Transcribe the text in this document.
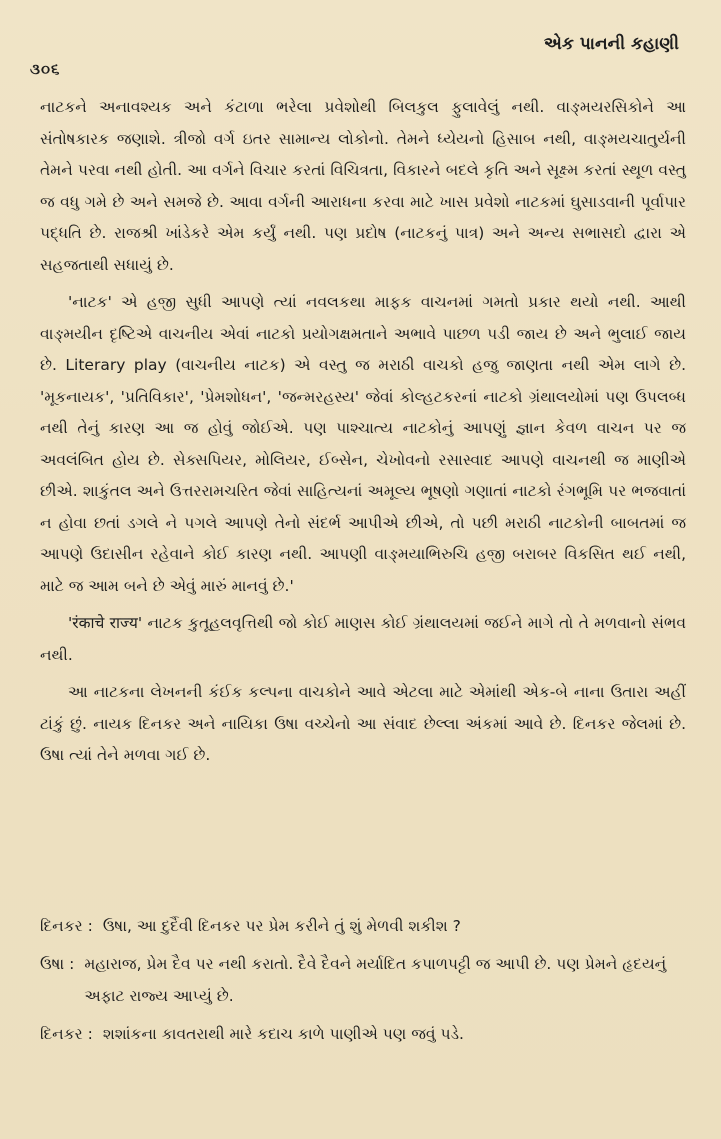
૩૦૬
એક પાનની કહાણી

નાટકને અનાવશ્યક અને કંટાળા ભરેલા પ્રવેશોથી બિલકુલ ફુલાવેલું નથી. વાઙ્મયરસિકોને આ સંતોષકારક જણાશે. ત્રીજો વર્ગ ઇતર સામાન્ય લોકોનો. તેમને ધ્યેયનો હિસાબ નથી, વાઙ્મયચાતુર્યની તેમને પરવા નથી હોતી. આ વર્ગને વિચાર કરતાં વિચિત્રતા, વિકારને બદલે કૃતિ અને સૂક્ષ્મ કરતાં સ્થૂળ વસ્તુ જ વધુ ગમે છે અને સમજે છે. આવા વર્ગની આરાધના કરવા માટે ખાસ પ્રવેશો નાટકમાં ઘુસાડવાની પૂર્વાપાર પદ્ધતિ છે. રાજશ્રી ખાંડેકરે એમ કર્યું નથી. પણ પ્રદોષ (નાટકનું પાત્ર) અને અન્ય સભાસદો દ્વારા એ સહજતાથી સધાયું છે.

'નાટક' એ હજી સુધી આપણે ત્યાં નવલકથા માફક વાચનમાં ગમતો પ્રકાર થયો નથી. આથી વાઙ્મયીન દૃષ્ટિએ વાચનીય એવાં નાટકો પ્રયોગક્ષમતાને અભાવે પાછળ પડી જાય છે અને ભુલાઈ જાય છે. Literary play (વાચનીય નાટક) એ વસ્તુ જ મરાઠી વાચકો હજુ જાણતા નથી એમ લાગે છે. 'મૂકનાયક', 'પ્રતિવિકાર', 'પ્રેમશોધન', 'જન્મરહસ્ય' જેવાં કોલ્હટકરનાં નાટકો ગ્રંથાલયોમાં પણ ઉપલબ્ધ નથી તેનું કારણ આ જ હોવું જોઈએ. પણ પાશ્ચાત્ય નાટકોનું આપણું જ્ઞાન કેવળ વાચન પર જ અવલંબિત હોય છે. સેક્સપિયર, મોલિયર, ઈબ્સેન, ચેખોવનો રસાસ્વાદ આપણે વાચનથી જ માણીએ છીએ. શાકુંતલ અને ઉત્તરરામચરિત જેવાં સાહિત્યનાં અમૂલ્ય ભૂષણો ગણાતાં નાટકો રંગભૂમિ પર ભજવાતાં ન હોવા છતાં ડગલે ને પગલે આપણે તેનો સંદર્ભ આપીએ છીએ, તો પછી મરાઠી નાટકોની બાબતમાં જ આપણે ઉદાસીન રહેવાને કોઈ કારણ નથી. આપણી વાઙ્મયાભિરુચિ હજી બરાબર વિકસિત થઈ નથી, માટે જ આમ બને છે એવું મારું માનવું છે.'

'रंकाचे राज्य' નાટક કુતૂહલવૃત્તિથી જો કોઈ માણસ કોઈ ગ્રંથાલયમાં જઈને માગે તો તે મળવાનો સંભવ નથી.

આ નાટકના લેખનની કંઈક કલ્પના વાચકોને આવે એટલા માટે એમાંથી એક-બે નાના ઉતારા અહીં ટાંકું છું. નાયક દિનકર અને નાયિકા ઉષા વચ્ચેનો આ સંવાદ છેલ્લા અંકમાં આવે છે. દિનકર જેલમાં છે. ઉષા ત્યાં તેને મળવા ગઈ છે.

દિનકર : ઉષા, આ દુર્દૈવી દિનકર પર પ્રેમ કરીને તું શું મેળવી શકીશ ?
ઉષા : મહારાજ, પ્રેમ દૈવ પર નથી કરાતો. દૈવે દૈવને મર્યાદિત કપાળપટ્ટી જ આપી છે. પણ પ્રેમને હૃદયનું અફાટ રાજ્ય આપ્યું છે.
દિનકર : શશાંકના કાવતરાથી મારે કદાચ કાળે પાણીએ પણ જવું પડે.
